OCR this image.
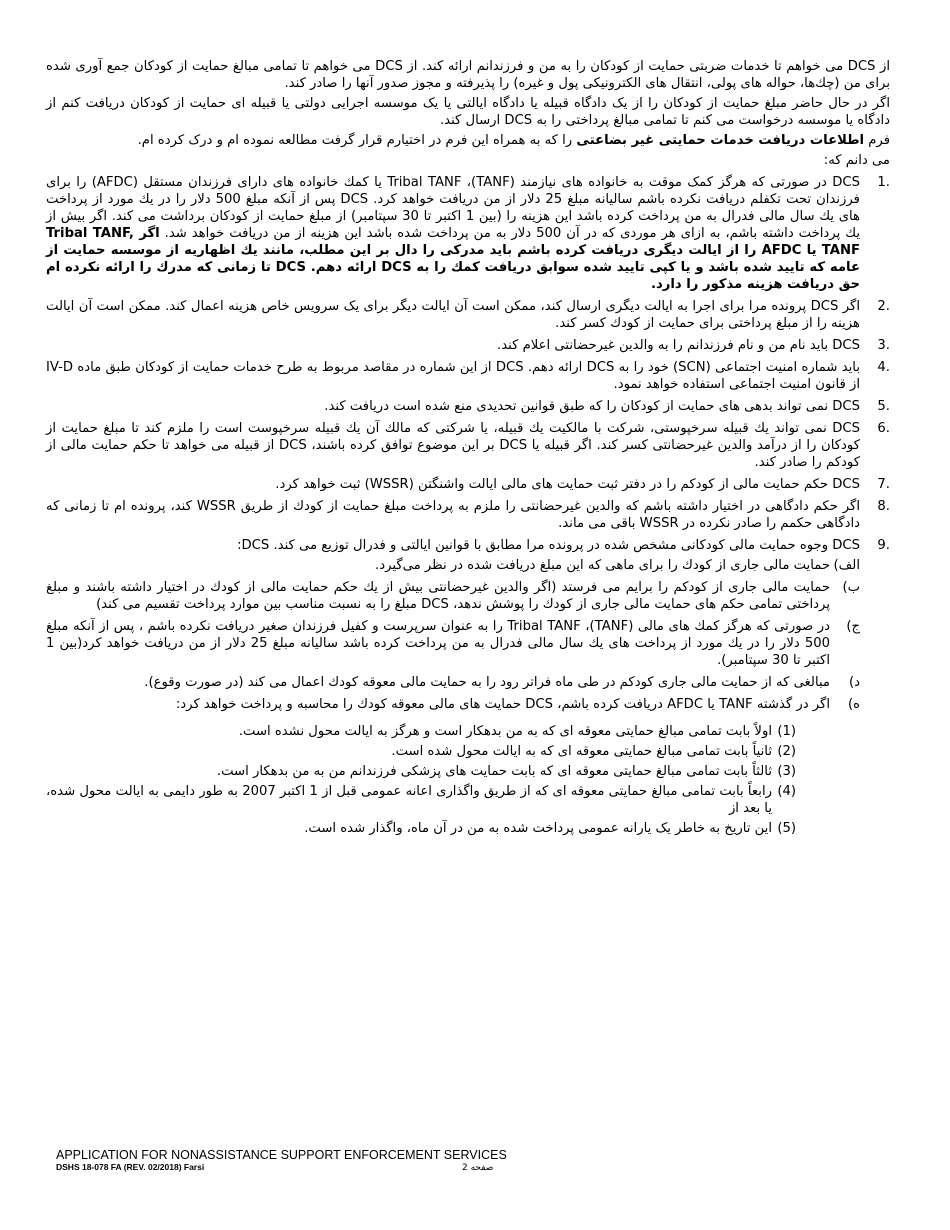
از DCS می خواهم تا خدمات ضربتی حمایت از کودکان را به من و فرزندانم ارائه کند. از DCS می خواهم تا تمامی مبالغ حمایت از کودکان جمع آوری شده برای من (چك‌ها، حواله های پولی، انتقال های الکترونیکی پول و غیره) را پذیرفته و مجوز صدور آنها را صادر کند.

اگر در حال حاضر مبلغ حمایت از کودکان را از یک دادگاه قبیله یا دادگاه ایالتی یا یک موسسه اجرایی دولتی یا قبیله ای حمایت از کودکان دریافت کنم از دادگاه یا موسسه درخواست می کنم تا تمامی مبالغ پرداختی را به DCS ارسال کند.

فرم اطلاعات دریافت خدمات حمایتی غیر بضاعتی را که به همراه این فرم در اختیارم قرار گرفت مطالعه نموده ام و درک کرده ام.

می دانم که:

1.
DCS در صورتی که هرگز کمک موقت به خانواده های نیازمند (TANF)، Tribal TANF یا کمك خانواده های دارای فرزندان مستقل (AFDC) را برای فرزندان تحت تکفلم دریافت نکرده باشم سالیانه مبلغ 25 دلار از من دریافت خواهد کرد. DCS پس از آنکه مبلغ 500 دلار را در یك مورد از پرداخت های یك سال مالی فدرال به من پرداخت کرده باشد این هزینه را (بین 1 اکتبر تا 30 سپتامبر) از مبلغ حمایت از کودکان برداشت می کند. اگر بیش از یك پرداخت داشته باشم، به ازای هر موردی که در آن 500 دلار به من پرداخت شده باشد این هزینه از من دریافت خواهد شد. اگر Tribal TANF, TANF یا AFDC را از ایالت دیگری دریافت کرده باشم باید مدرکی را دال بر این مطلب، مانند یك اظهاریه از موسسه حمایت از عامه که تایید شده باشد و یا کپی تایید شده سوابق دریافت کمك را به DCS ارائه دهم. DCS تا زمانی که مدرك را ارائه نکرده ام حق دریافت هزینه مذکور را دارد.
2.
اگر DCS پرونده مرا برای اجرا به ایالت دیگری ارسال کند، ممکن است آن ایالت دیگر برای یک سرویس خاص هزینه اعمال کند. ممکن است آن ایالت هزینه را از مبلغ پرداختی برای حمایت از کودك کسر کند.
3.
DCS باید نام من و نام فرزندانم را به والدین غیرحضانتی اعلام کند.
4.
باید شماره امنیت اجتماعی (SCN) خود را به DCS ارائه دهم. DCS از این شماره در مقاصد مربوط به طرح خدمات حمایت از کودکان طبق ماده IV-D از قانون امنیت اجتماعی استفاده خواهد نمود.
5.
DCS نمی تواند بدهی های حمایت از کودکان را که طبق قوانین تحدیدی منع شده است دریافت کند.
6.
DCS نمی تواند یك قبیله سرخپوستی، شرکت با مالکیت یك قبیله، یا شرکتی که مالك آن یك قبیله سرخپوست است را ملزم کند تا مبلغ حمایت از کودکان را از درآمد والدین غیرحضانتی کسر کند. اگر قبیله یا DCS بر این موضوع توافق کرده باشند، DCS از قبیله می خواهد تا حکم حمایت مالی از کودکم را صادر کند.
7.
DCS حکم حمایت مالی از کودکم را در دفتر ثبت حمایت های مالی ایالت واشنگتن (WSSR) ثبت خواهد کرد.
8.
اگر حکم دادگاهی در اختیار داشته باشم که والدین غیرحضانتی را ملزم به پرداخت مبلغ حمایت از کودك از طریق WSSR کند، پرونده ام تا زمانی که دادگاهی حکمم را صادر نکرده در WSSR باقی می ماند.
9.
DCS وجوه حمایت مالی کودکانی مشخص شده در پرونده مرا مطابق با قوانین ایالتی و فدرال توزیع می کند. DCS:
الف)
حمایت مالی جاری از کودك را برای ماهی که این مبلغ دریافت شده در نظر می‌گیرد.
ب)
حمایت مالی جاری از کودکم را برایم می فرستد (اگر والدین غیرحضانتی بیش از یك حکم حمایت مالی از کودك در اختیار داشته باشند و مبلغ پرداختی تمامی حکم های حمایت مالی جاری از کودك را پوشش ندهد، DCS مبلغ را به نسبت مناسب بین موارد پرداخت تقسیم می کند)
ج)
در صورتی که هرگز کمك های مالی (TANF)، Tribal TANF را به عنوان سرپرست و کفیل فرزندان صغیر دریافت نکرده باشم ، پس از آنکه مبلغ 500 دلار را در یك مورد از پرداخت های یك سال مالی فدرال به من پرداخت کرده باشد سالیانه مبلغ 25 دلار از من دریافت خواهد کرد(بین 1 اکتبر تا 30 سپتامبر).
د)
مبالغی که از حمایت مالی جاری کودکم در طی ماه فراتر رود را به حمایت مالی معوقه کودك اعمال می کند (در صورت وقوع).
ه)
اگر در گذشته TANF یا AFDC دریافت کرده باشم، DCS حمایت های مالی معوقه کودك را محاسبه و پرداخت خواهد کرد:
(1)
اولاً بابت تمامی مبالغ حمایتی معوقه ای که به من بدهکار است و هرگز به ایالت محول نشده است.
(2)
ثانیاً بابت تمامی مبالغ حمایتی معوقه ای که به ایالت محول شده است.
(3)
ثالثاً بابت تمامی مبالغ حمایتی معوقه ای که بابت حمایت های پزشکی فرزندانم من به من بدهکار است.
(4)
رابعاً بابت تمامی مبالغ حمایتی معوقه ای که از طریق واگذاری اعانه عمومی قبل از 1 اکتبر 2007 به طور دایمی به ایالت محول شده، یا بعد از
(5)
این تاریخ به خاطر یک یارانه عمومی پرداخت شده به من در آن ماه، واگذار شده است.
APPLICATION FOR NONASSISTANCE SUPPORT ENFORCEMENT SERVICES
DSHS 18-078 FA (REV. 02/2018) Farsi	صفحه 2
